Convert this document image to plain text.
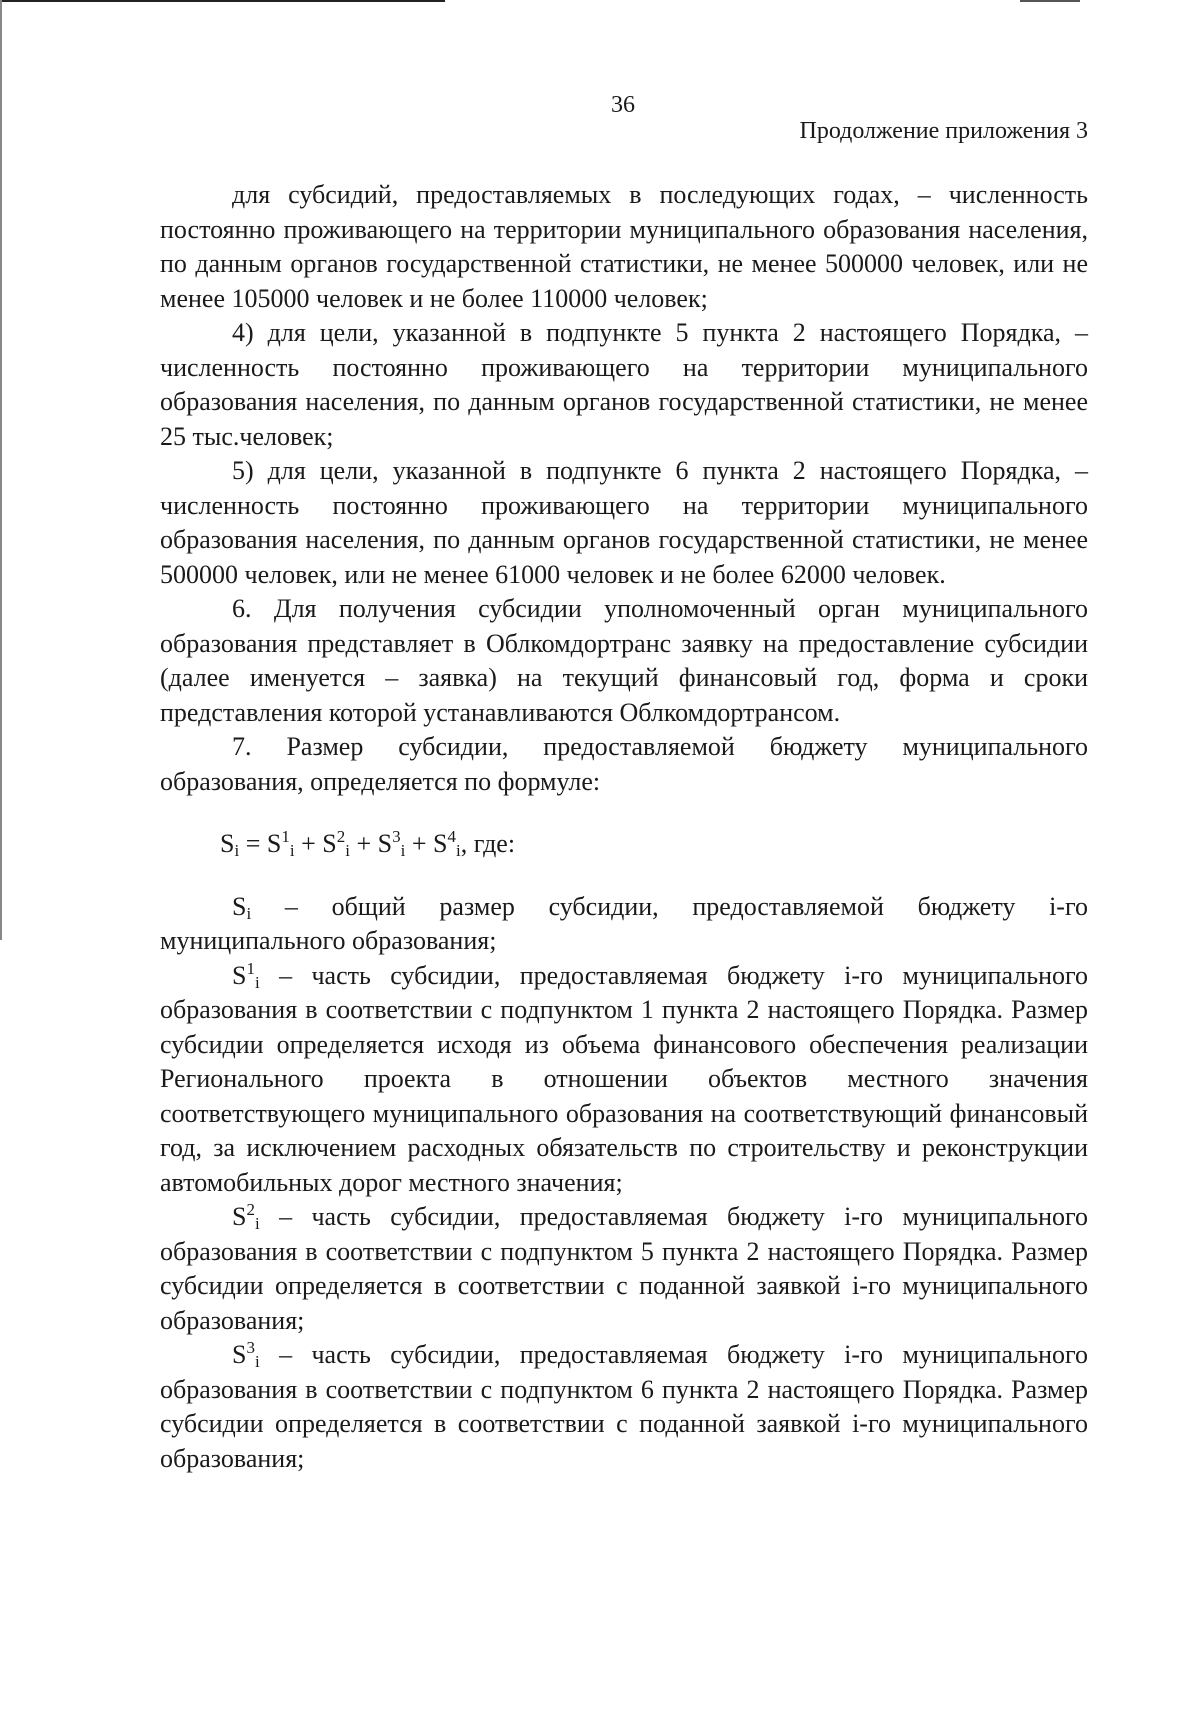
36
Продолжение приложения 3

для субсидий, предоставляемых в последующих годах, – численность постоянно проживающего на территории муниципального образования населения, по данным органов государственной статистики, не менее 500000 человек, или не менее 105000 человек и не более 110000 человек;

4) для цели, указанной в подпункте 5 пункта 2 настоящего Порядка, – численность постоянно проживающего на территории муниципального образования населения, по данным органов государственной статистики, не менее 25 тыс.человек;

5) для цели, указанной в подпункте 6 пункта 2 настоящего Порядка, – численность постоянно проживающего на территории муниципального образования населения, по данным органов государственной статистики, не менее 500000 человек, или не менее 61000 человек и не более 62000 человек.

6. Для получения субсидии уполномоченный орган муниципального образования представляет в Облкомдортранс заявку на предоставление субсидии (далее именуется – заявка) на текущий финансовый год, форма и сроки представления которой устанавливаются Облкомдортрансом.

7. Размер субсидии, предоставляемой бюджету муниципального образования, определяется по формуле:

$S_i = S^1_i + S^2_i + S^3_i + S^4_i$, где:

$S_i$ – общий размер субсидии, предоставляемой бюджету i-го муниципального образования;

$S^1_i$ – часть субсидии, предоставляемая бюджету i-го муниципального образования в соответствии с подпунктом 1 пункта 2 настоящего Порядка. Размер субсидии определяется исходя из объема финансового обеспечения реализации Регионального проекта в отношении объектов местного значения соответствующего муниципального образования на соответствующий финансовый год, за исключением расходных обязательств по строительству и реконструкции автомобильных дорог местного значения;

$S^2_i$ – часть субсидии, предоставляемая бюджету i-го муниципального образования в соответствии с подпунктом 5 пункта 2 настоящего Порядка. Размер субсидии определяется в соответствии с поданной заявкой i-го муниципального образования;

$S^3_i$ – часть субсидии, предоставляемая бюджету i-го муниципального образования в соответствии с подпунктом 6 пункта 2 настоящего Порядка. Размер субсидии определяется в соответствии с поданной заявкой i-го муниципального образования;
